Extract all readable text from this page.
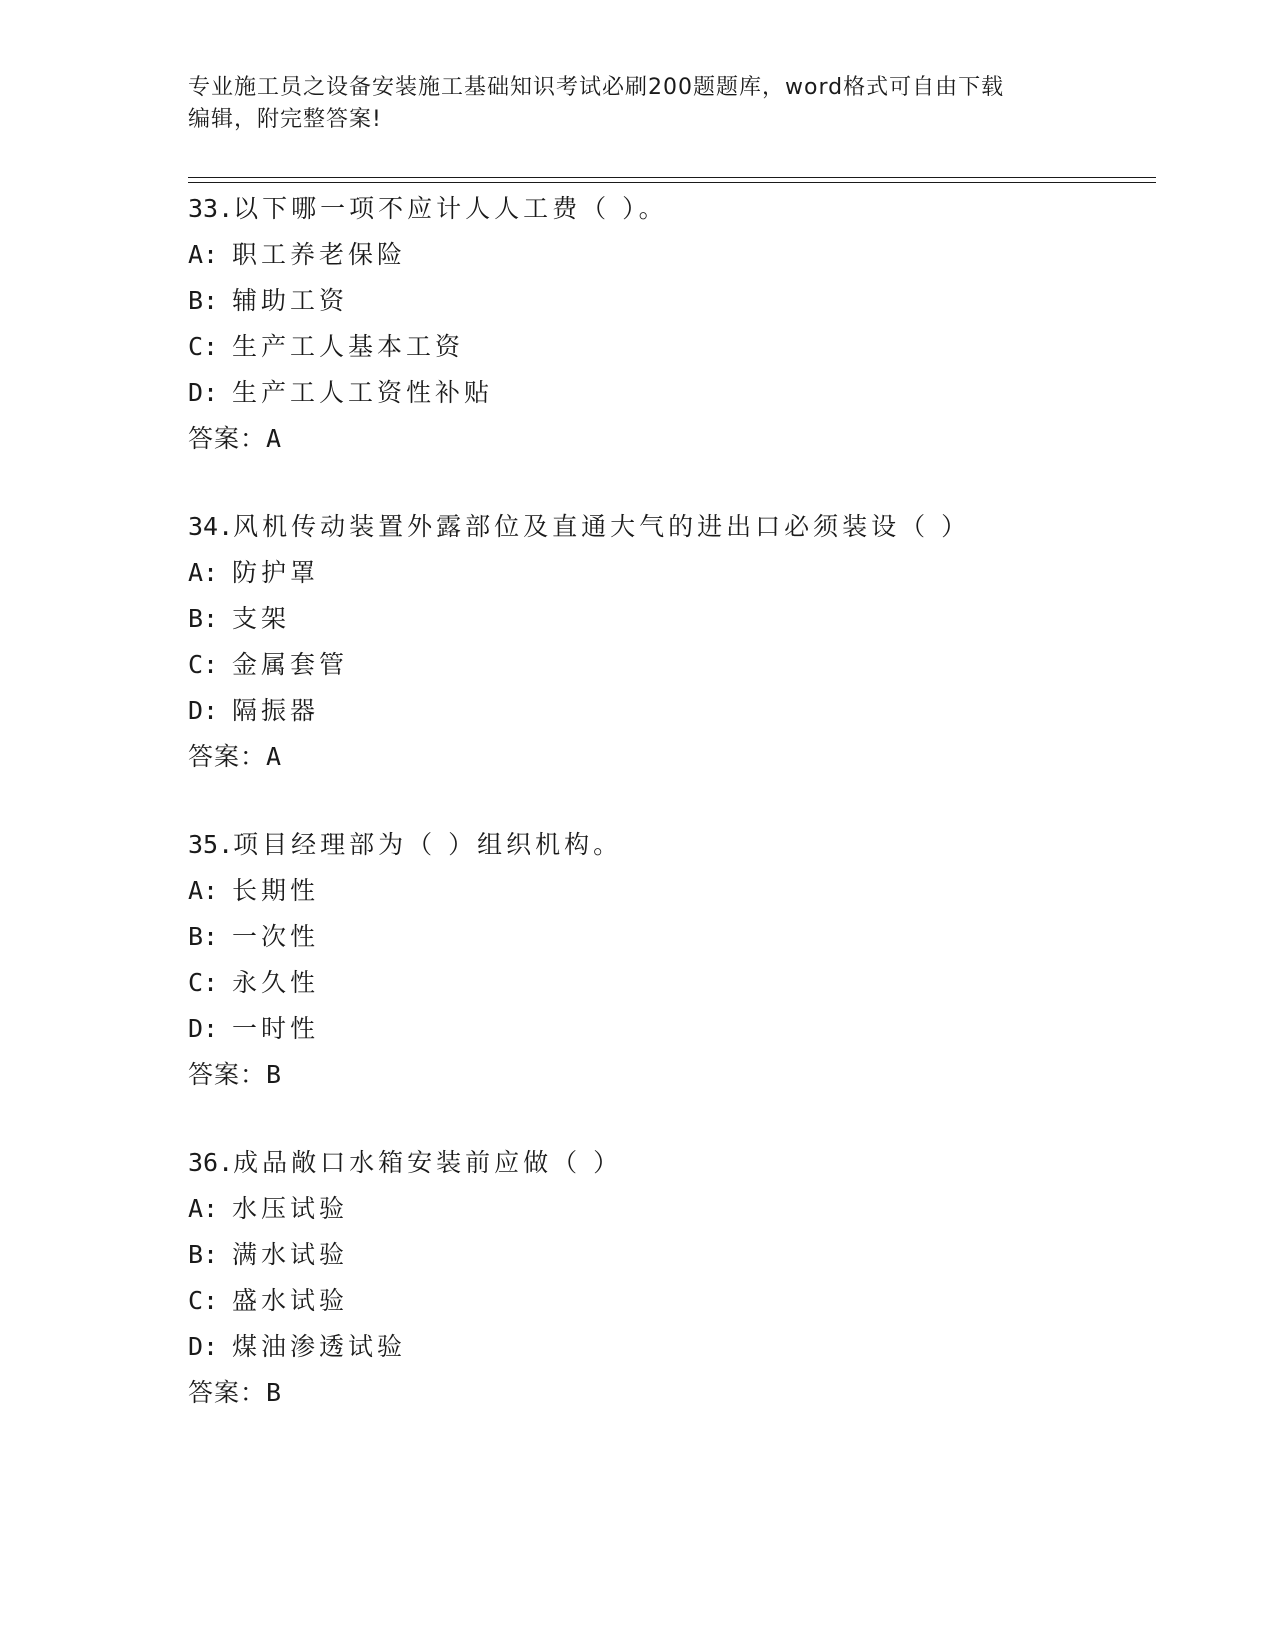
专业施工员之设备安装施工基础知识考试必刷200题题库，word格式可自由下载
编辑，附完整答案!
33.以下哪一项不应计人人工费（ ）。
A: 职工养老保险
B: 辅助工资
C: 生产工人基本工资
D: 生产工人工资性补贴
答案：A
34.风机传动装置外露部位及直通大气的进出口必须装设（ ）
A: 防护罩
B: 支架
C: 金属套管
D: 隔振器
答案：A
35.项目经理部为（ ）组织机构。
A: 长期性
B: 一次性
C: 永久性
D: 一时性
答案：B
36.成品敞口水箱安装前应做（ ）
A: 水压试验
B: 满水试验
C: 盛水试验
D: 煤油渗透试验
答案：B
